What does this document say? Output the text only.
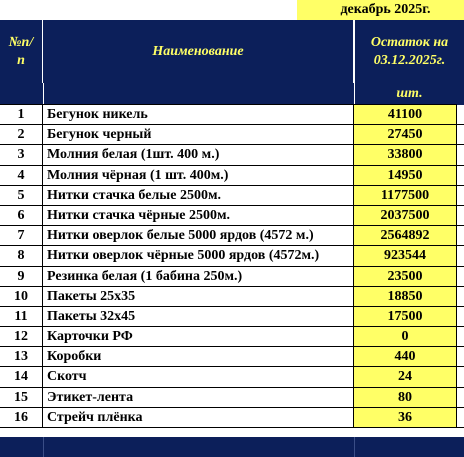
декабрь 2025г.
№п/п
Наименование
Остаток на 03.12.2025г.
шт.
1	Бегунок никель	41100
2	Бегунок черный	27450
3	Молния белая (1шт. 400 м.)	33800
4	Молния чёрная (1 шт. 400м.)	14950
5	Нитки стачка белые 2500м.	1177500
6	Нитки стачка чёрные 2500м.	2037500
7	Нитки оверлок белые 5000 ярдов (4572 м.)	2564892
8	Нитки оверлок чёрные 5000 ярдов (4572м.)	923544
9	Резинка белая (1 бабина 250м.)	23500
10	Пакеты 25х35	18850
11	Пакеты 32х45	17500
12	Карточки РФ	0
13	Коробки	440
14	Скотч	24
15	Этикет-лента	80
16	Стрейч плёнка	36
